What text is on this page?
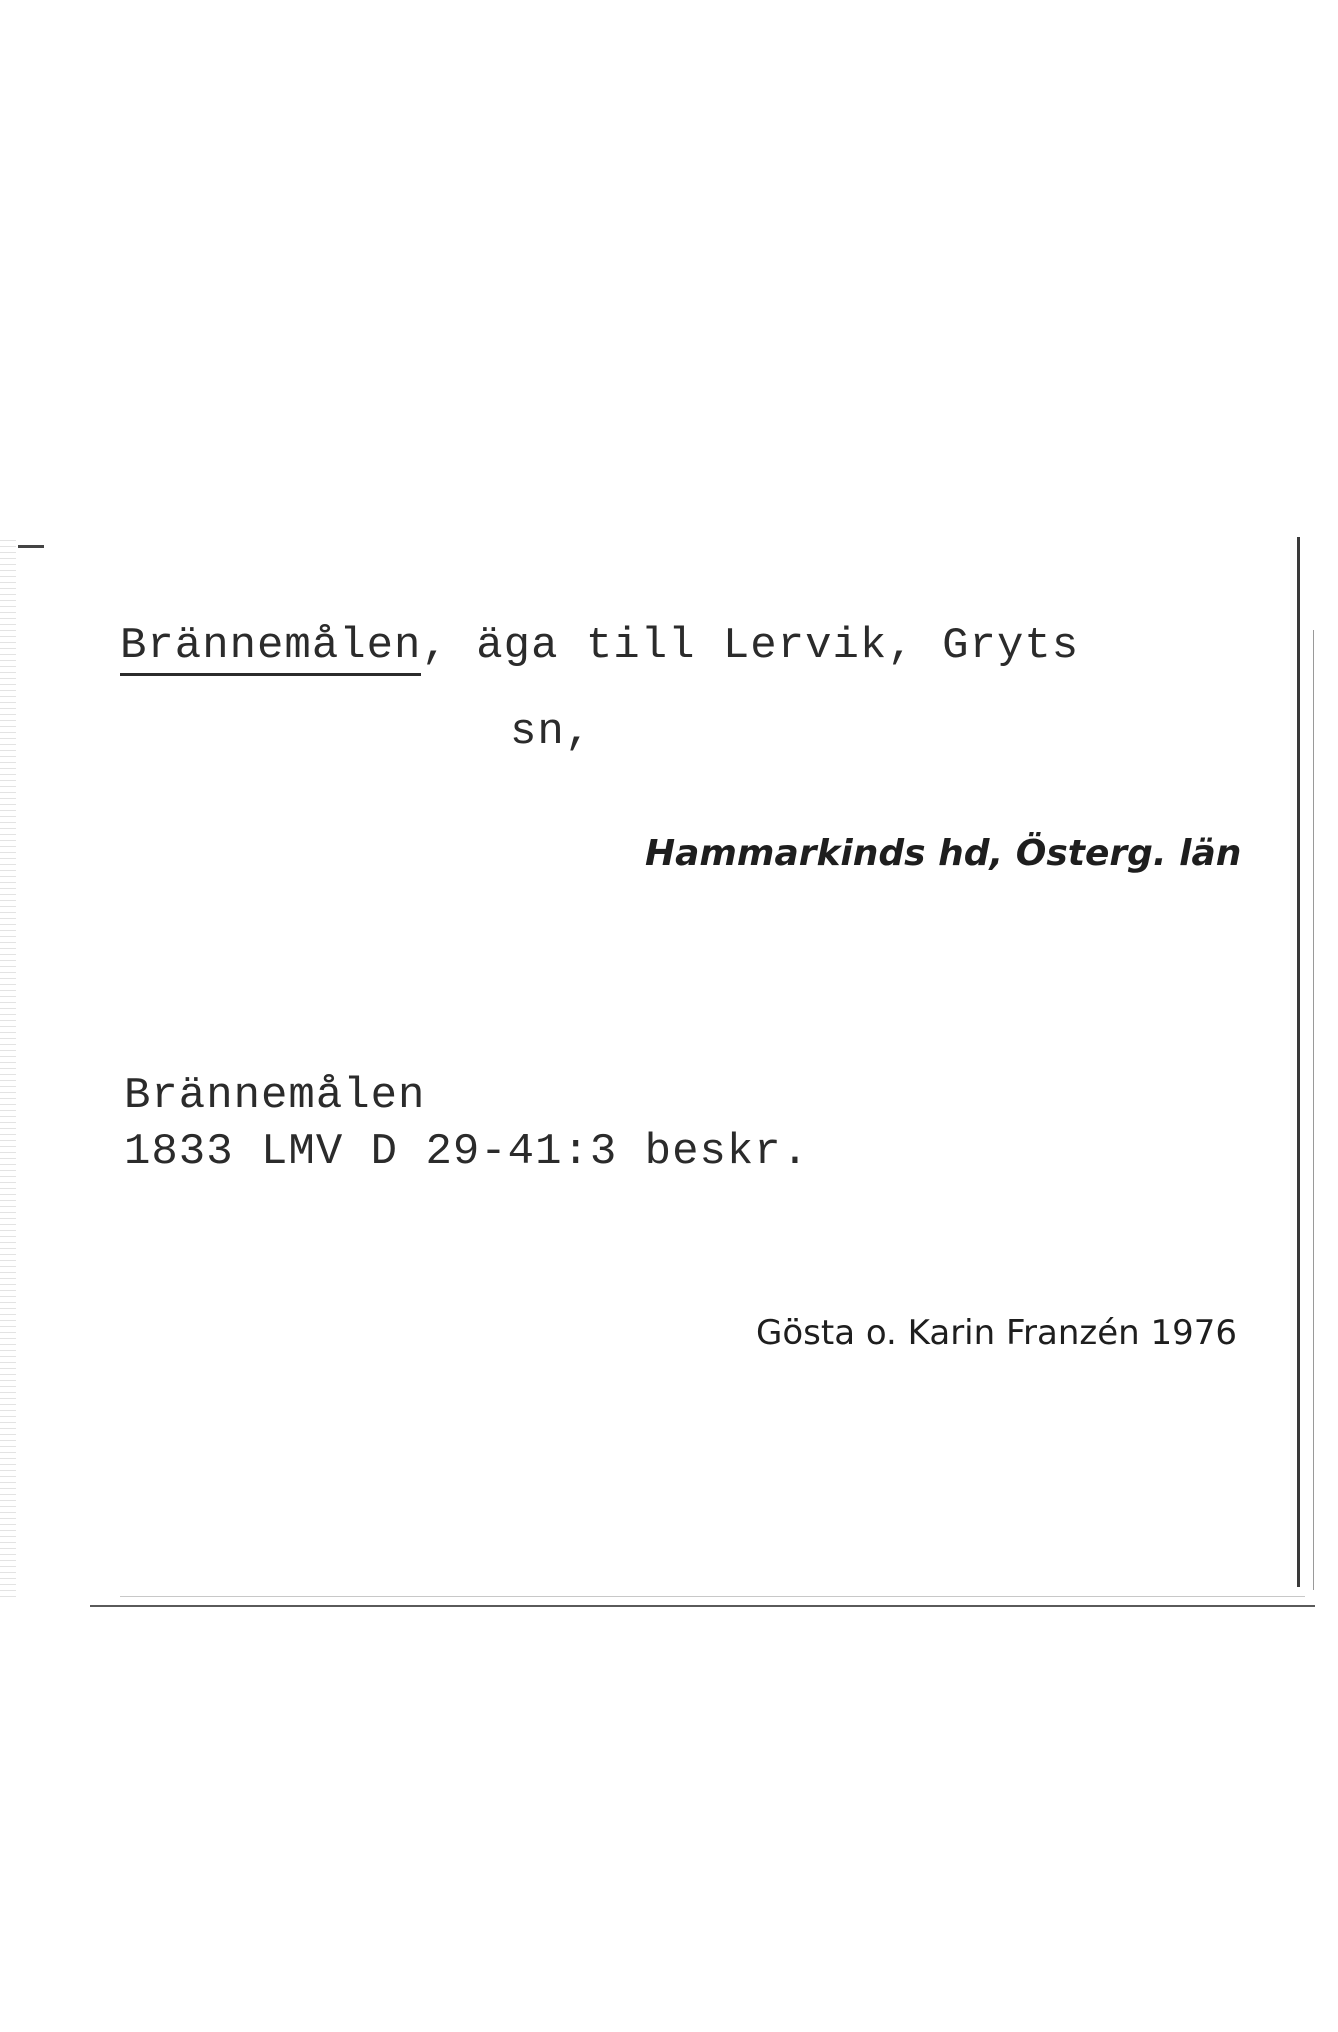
Brännemålen, äga till Lervik, Gryts
sn,
Hammarkinds hd, Österg. län
Brännemålen
1833 LMV D 29-41:3 beskr.
Gösta o. Karin Franzén 1976
